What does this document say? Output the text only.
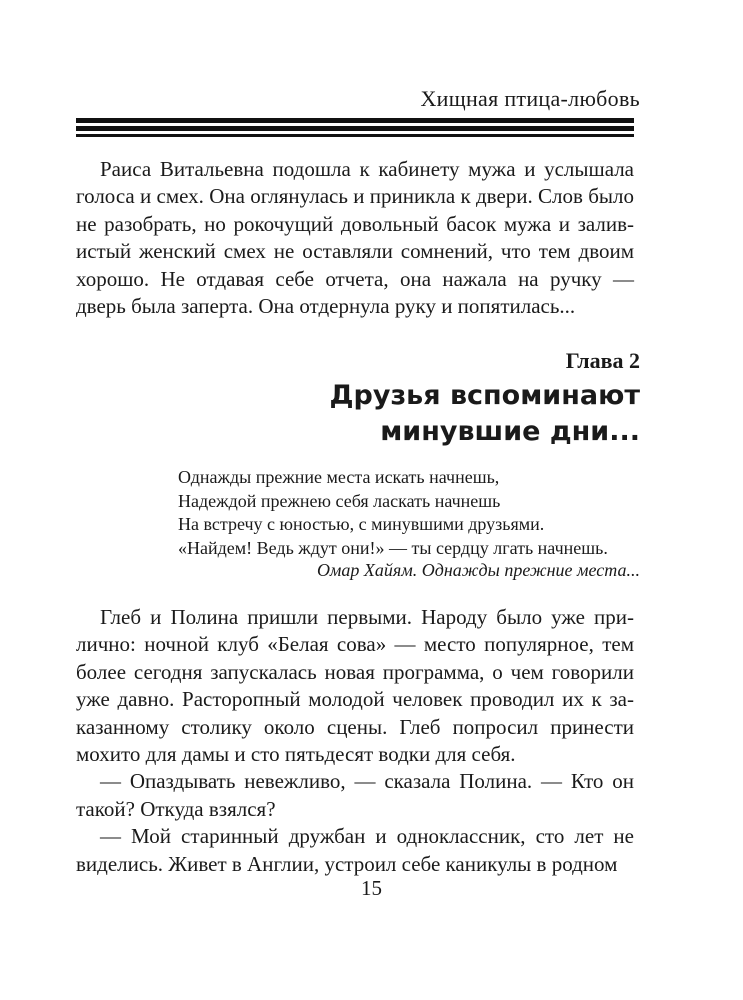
Хищная птица-любовь

Раиса Витальевна подошла к кабинету мужа и услышала голоса и смех. Она оглянулась и приникла к двери. Слов было не разобрать, но рокочущий довольный басок мужа и залив- истый женский смех не оставляли сомнений, что тем двоим хорошо. Не отдавая себе отчета, она нажала на ручку — дверь была заперта. Она отдернула руку и попятилась...

Глава 2
Друзья вспоминают
минувшие дни...
Однажды прежние места искать начнешь,
Надеждой прежнею себя ласкать начнешь
На встречу с юностью, с минувшими друзьями.
«Найдем! Ведь ждут они!» — ты сердцу лгать начнешь.
Омар Хайям. Однажды прежние места...

Глеб и Полина пришли первыми. Народу было уже при- лично: ночной клуб «Белая сова» — место популярное, тем более сегодня запускалась новая программа, о чем говорили уже давно. Расторопный молодой человек проводил их к за- казанному столику около сцены. Глеб попросил принести мохито для дамы и сто пятьдесят водки для себя.

— Опаздывать невежливо, — сказала Полина. — Кто он такой? Откуда взялся?

— Мой старинный дружбан и одноклассник, сто лет не виделись. Живет в Англии, устроил себе каникулы в родном

15
